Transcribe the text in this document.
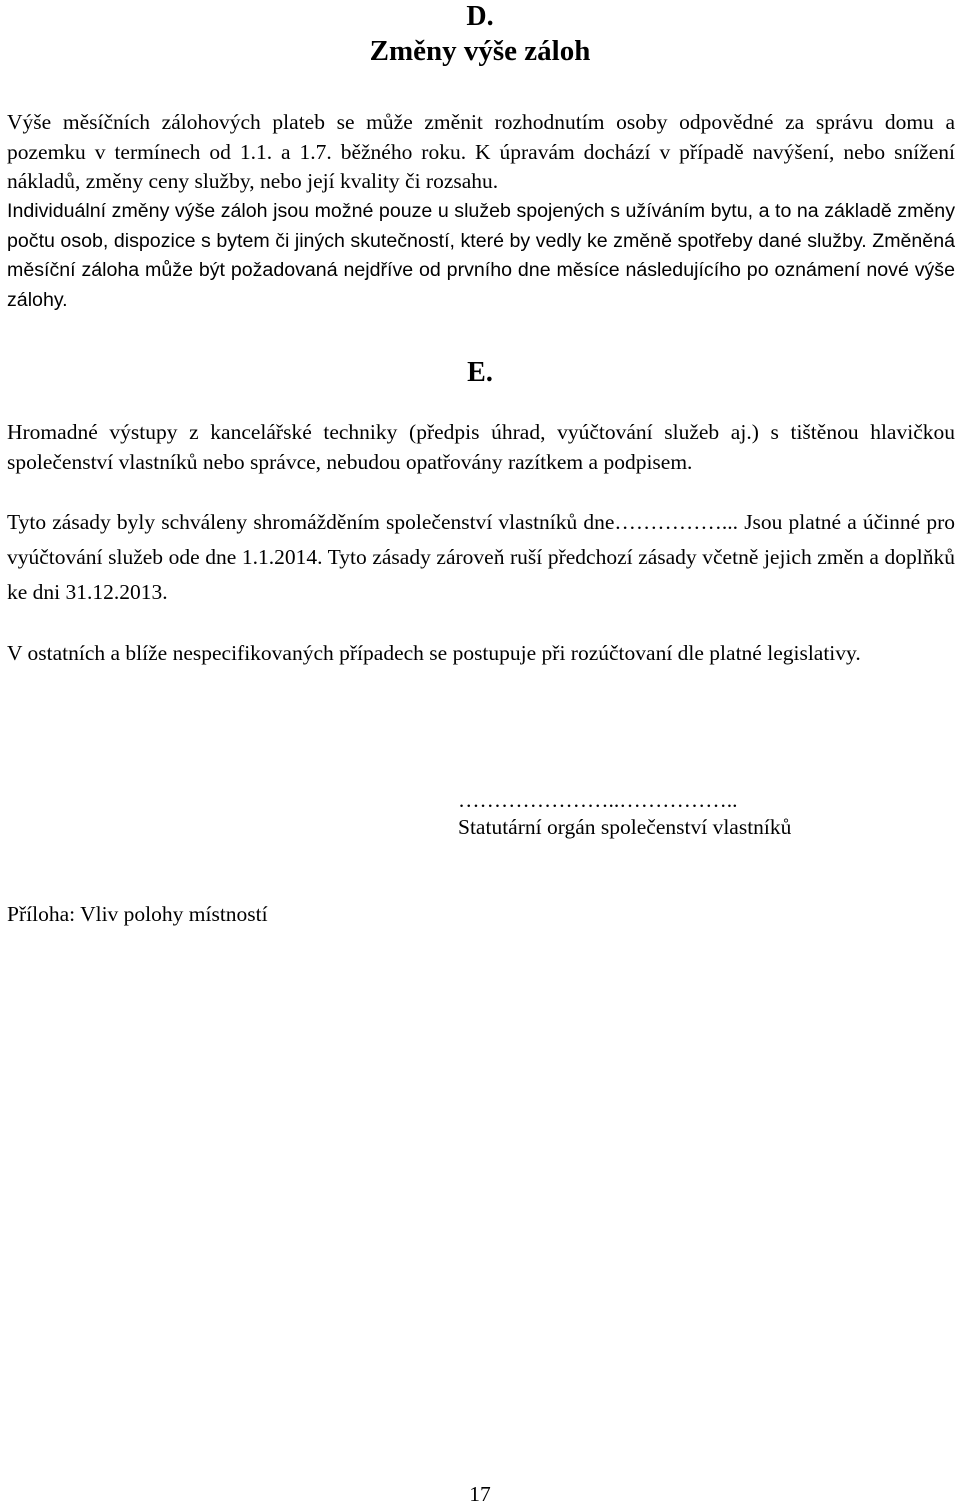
D.
Změny výše záloh

Výše měsíčních zálohových plateb se může změnit rozhodnutím osoby odpovědné za správu domu a pozemku v termínech od 1.1. a 1.7. běžného roku. K úpravám dochází v případě navýšení, nebo snížení nákladů, změny ceny služby, nebo její kvality či rozsahu.

Individuální změny výše záloh jsou možné pouze u služeb spojených s užíváním bytu, a to na základě změny počtu osob, dispozice s bytem či jiných skutečností, které by vedly ke změně spotřeby dané služby. Změněná měsíční záloha může být požadovaná nejdříve od prvního dne měsíce následujícího po oznámení nové výše zálohy.

E.

Hromadné výstupy z kancelářské techniky (předpis úhrad, vyúčtování služeb aj.) s tištěnou hlavičkou společenství vlastníků nebo správce, nebudou opatřovány razítkem a podpisem.

Tyto zásady byly schváleny shromážděním společenství vlastníků dne……………... Jsou platné a účinné pro vyúčtování služeb ode dne 1.1.2014. Tyto zásady zároveň ruší předchozí zásady včetně jejich změn a doplňků ke dni 31.12.2013.

V ostatních a blíže nespecifikovaných případech se postupuje při rozúčtovaní dle platné legislativy.

…………………..……………..
Statutární orgán společenství vlastníků
Příloha: Vliv polohy místností
17
